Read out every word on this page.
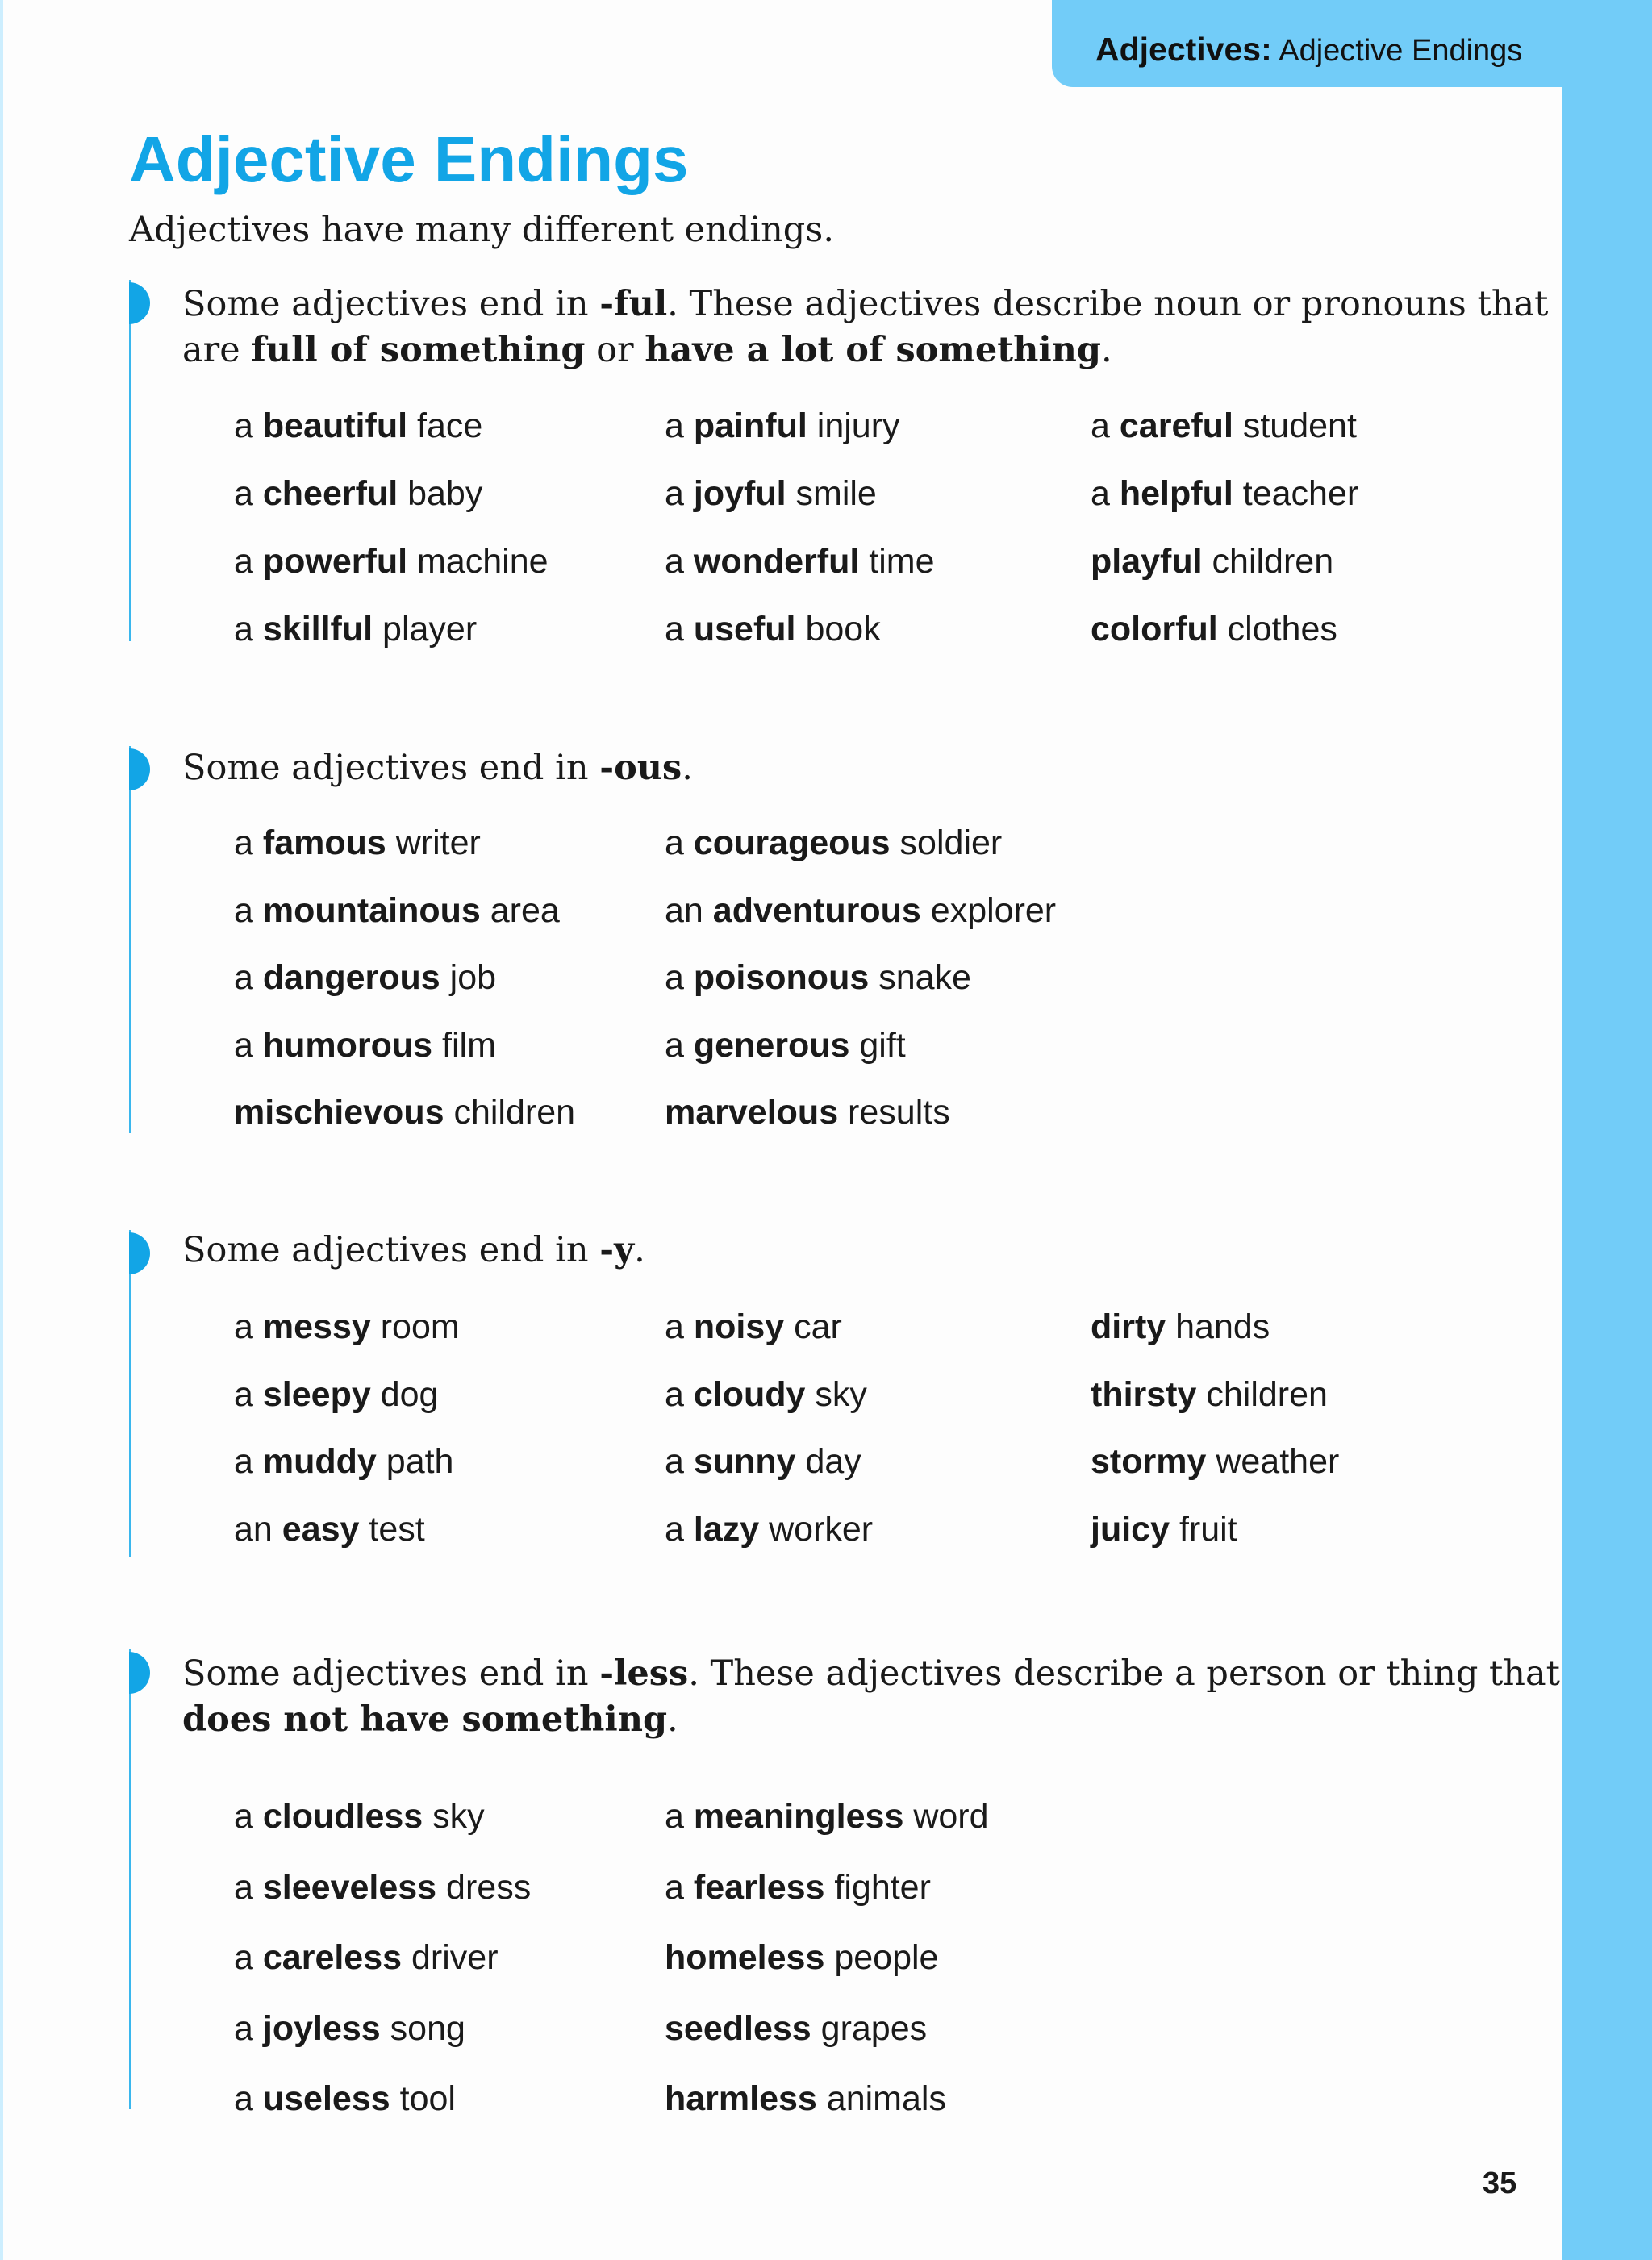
Adjectives: Adjective Endings
Adjective Endings

Adjectives have many different endings.

Some adjectives end in -ful. These adjectives describe noun or pronouns that
are full of something or have a lot of something.

a beautiful face
a cheerful baby
a powerful machine
a skillful player
a painful injury
a joyful smile
a wonderful time
a useful book
a careful student
a helpful teacher
playful children
colorful clothes

Some adjectives end in -ous.

a famous writer
a mountainous area
a dangerous job
a humorous film
mischievous children
a courageous soldier
an adventurous explorer
a poisonous snake
a generous gift
marvelous results

Some adjectives end in -y.

a messy room
a sleepy dog
a muddy path
an easy test
a noisy car
a cloudy sky
a sunny day
a lazy worker
dirty hands
thirsty children
stormy weather
juicy fruit

Some adjectives end in -less. These adjectives describe a person or thing that
does not have something.

a cloudless sky
a sleeveless dress
a careless driver
a joyless song
a useless tool
a meaningless word
a fearless fighter
homeless people
seedless grapes
harmless animals
35
